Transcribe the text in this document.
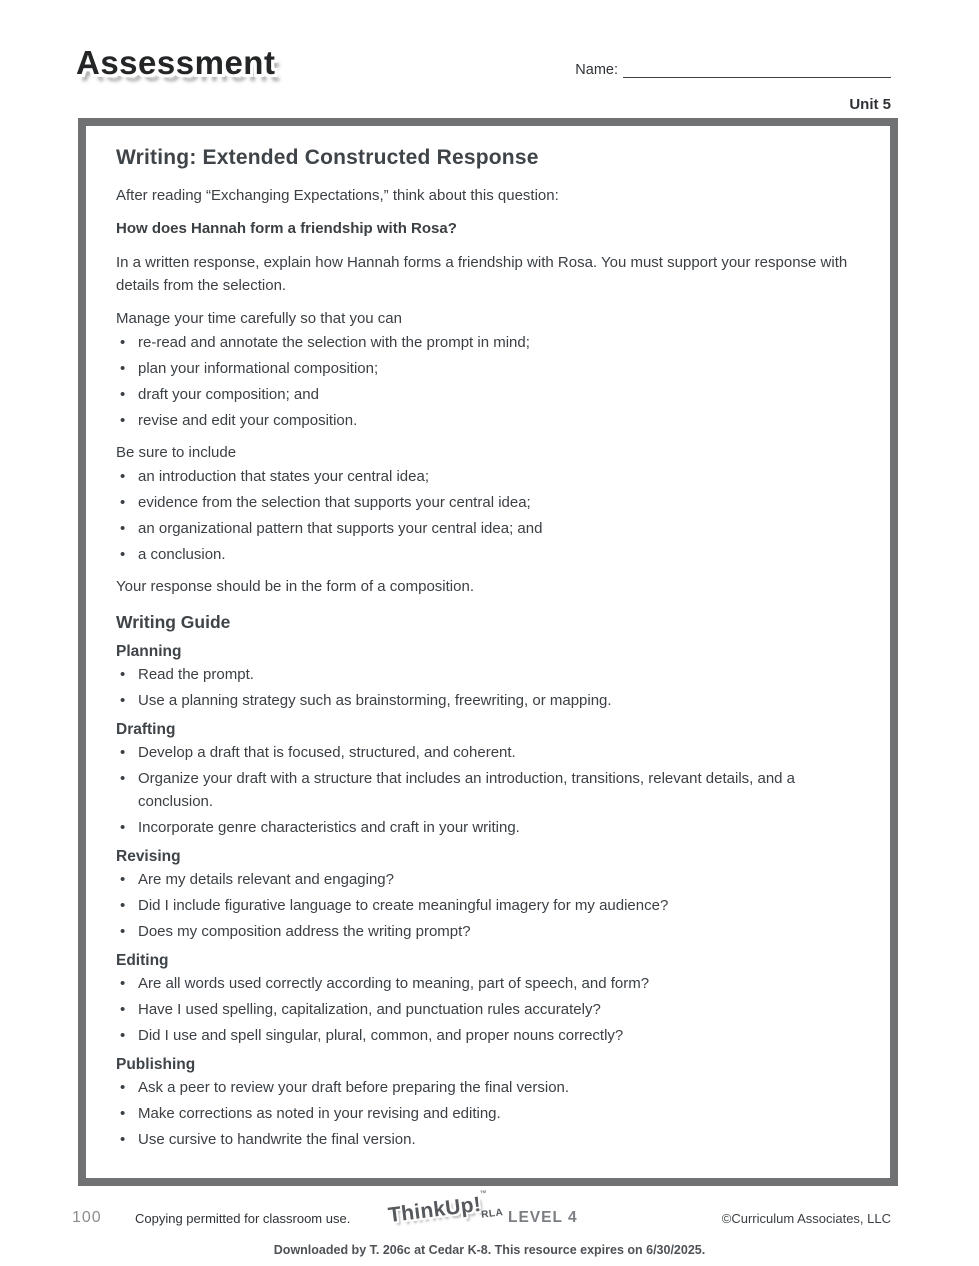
Assessment	Name:
Unit 5
Writing: Extended Constructed Response

After reading “Exchanging Expectations,” think about this question:

How does Hannah form a friendship with Rosa?

In a written response, explain how Hannah forms a friendship with Rosa. You must support your response with details from the selection.

Manage your time carefully so that you can

• re-read and annotate the selection with the prompt in mind;
• plan your informational composition;
• draft your composition; and
• revise and edit your composition.

Be sure to include

• an introduction that states your central idea;
• evidence from the selection that supports your central idea;
• an organizational pattern that supports your central idea; and
• a conclusion.

Your response should be in the form of a composition.

Writing Guide
Planning
• Read the prompt.
• Use a planning strategy such as brainstorming, freewriting, or mapping.
Drafting
• Develop a draft that is focused, structured, and coherent.
• Organize your draft with a structure that includes an introduction, transitions, relevant details, and a conclusion.
• Incorporate genre characteristics and craft in your writing.
Revising
• Are my details relevant and engaging?
• Did I include figurative language to create meaningful imagery for my audience?
• Does my composition address the writing prompt?
Editing
• Are all words used correctly according to meaning, part of speech, and form?
• Have I used spelling, capitalization, and punctuation rules accurately?
• Did I use and spell singular, plural, common, and proper nouns correctly?
Publishing
• Ask a peer to review your draft before preparing the final version.
• Make corrections as noted in your revising and editing.
• Use cursive to handwrite the final version.
100	Copying permitted for classroom use. ThinkUp!™
RLA LEVEL 4	©Curriculum Associates, LLC
Downloaded by T. 206c at Cedar K-8. This resource expires on 6/30/2025.
